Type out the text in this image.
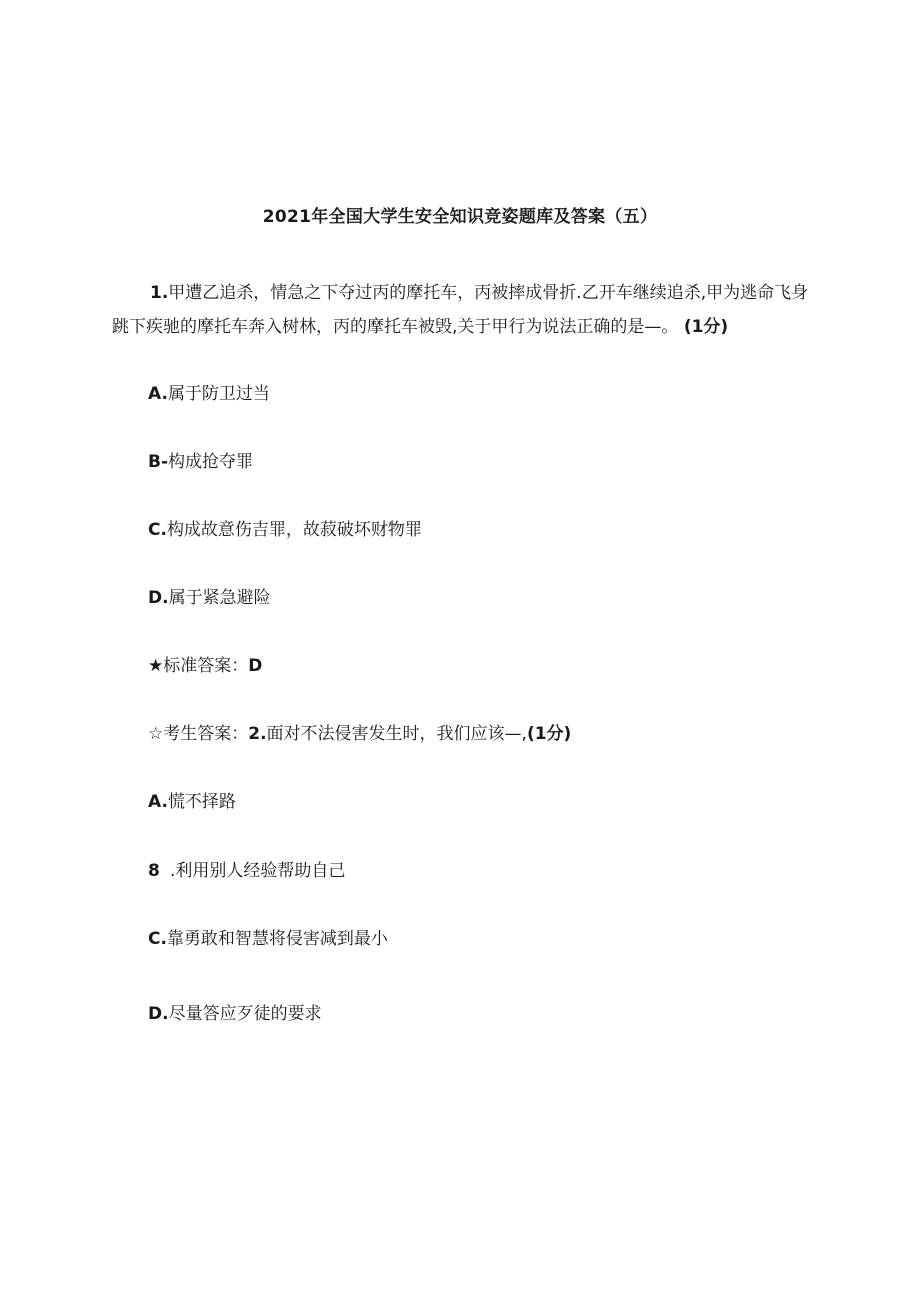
2021年全国大学生安全知识竞姿题库及答案（五）
1.甲遭乙追杀，情急之下夺过丙的摩托车，丙被摔成骨折.乙开车继续追杀,甲为逃命飞身跳下疾驰的摩托车奔入树林，丙的摩托车被毁,关于甲行为说法正确的是—。 (1分)
A.属于防卫过当
B-构成抢夺罪
C.构成故意伤吉罪，故菽破坏财物罪
D.属于紧急避险
★标准答案：D
☆考生答案：2.面对不法侵害发生时，我们应该—,(1分)
A.慌不择路
8 .利用别人经验帮助自己
C.靠勇敢和智慧将侵害减到最小
D.尽量答应歹徒的要求
